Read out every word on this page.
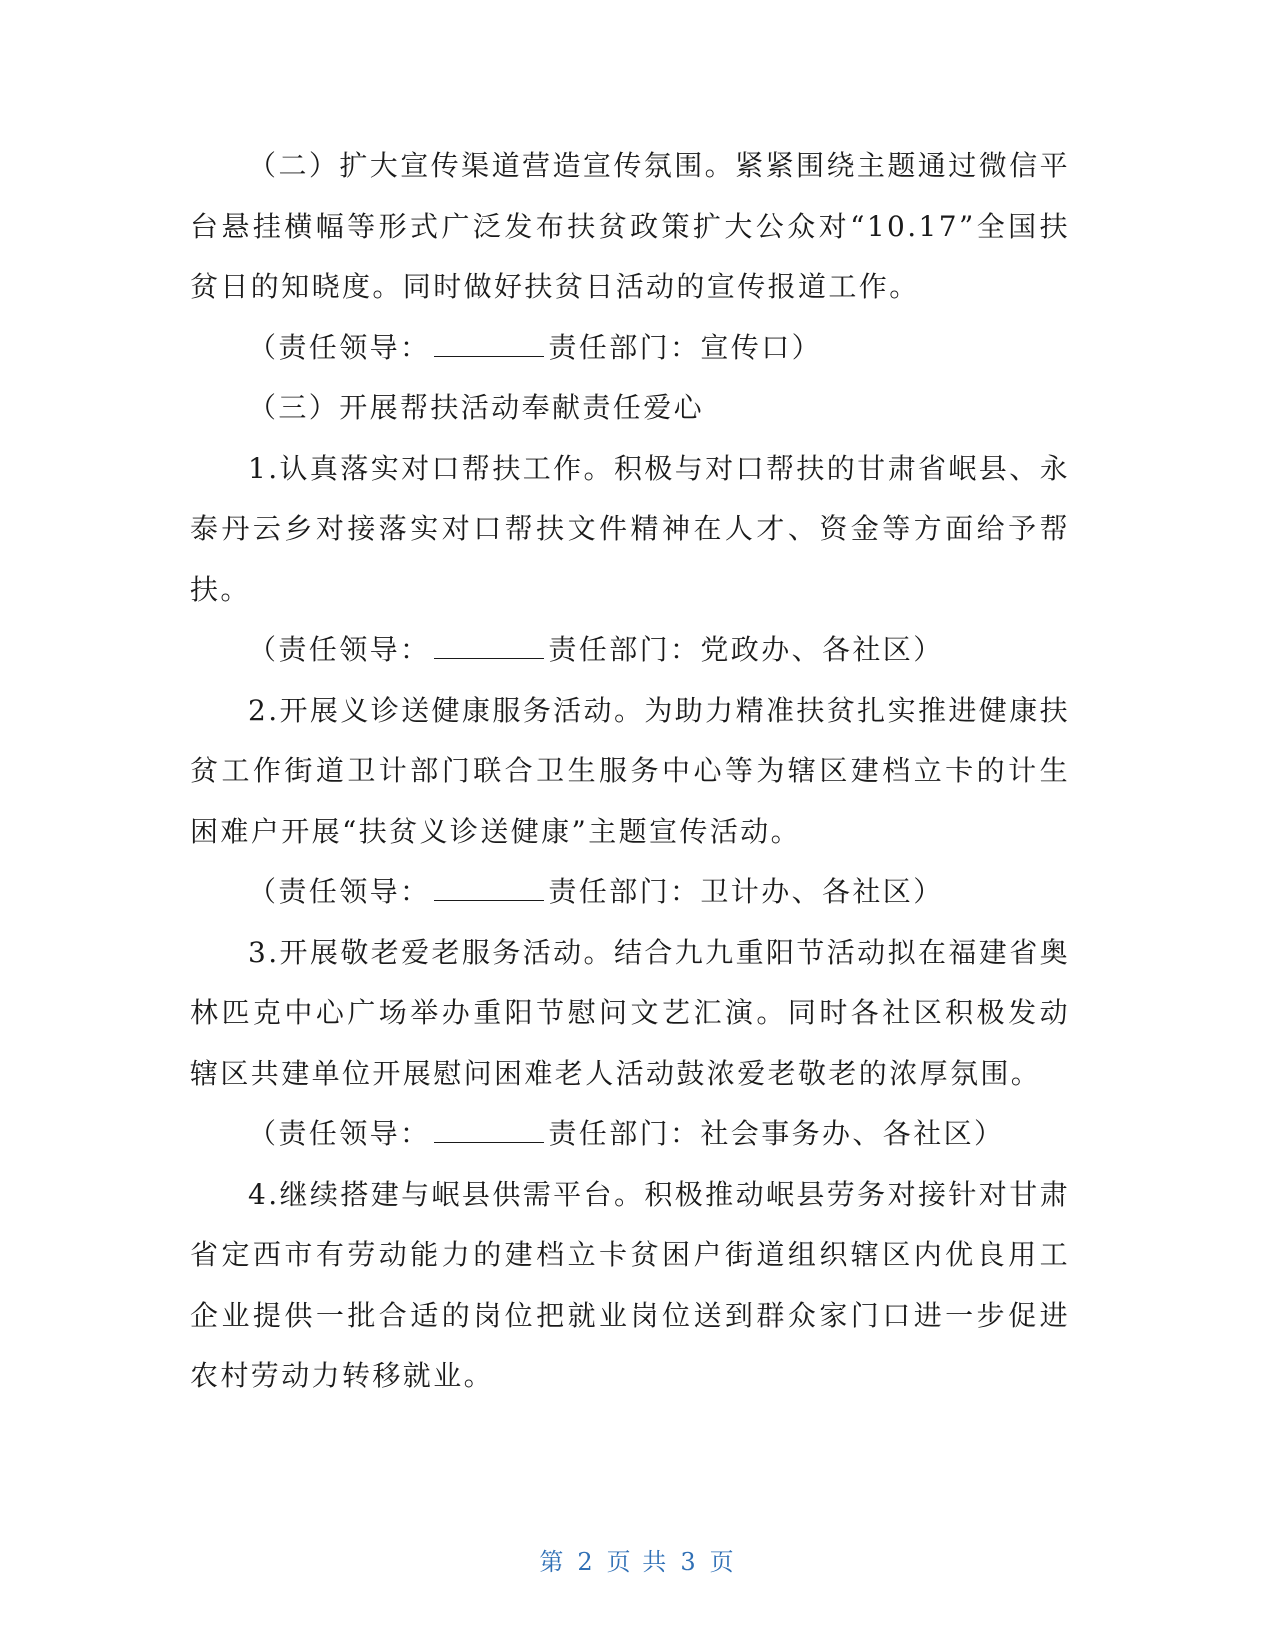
（二）扩大宣传渠道营造宣传氛围。紧紧围绕主题通过微信平台悬挂横幅等形式广泛发布扶贫政策扩大公众对“10.17”全国扶贫日的知晓度。同时做好扶贫日活动的宣传报道工作。

（责任领导：	责任部门：宣传口）

（三）开展帮扶活动奉献责任爱心

1.认真落实对口帮扶工作。积极与对口帮扶的甘肃省岷县、永泰丹云乡对接落实对口帮扶文件精神在人才、资金等方面给予帮扶。

（责任领导：	责任部门：党政办、各社区）

2.开展义诊送健康服务活动。为助力精准扶贫扎实推进健康扶贫工作街道卫计部门联合卫生服务中心等为辖区建档立卡的计生困难户开展“扶贫义诊送健康”主题宣传活动。

（责任领导：	责任部门：卫计办、各社区）

3.开展敬老爱老服务活动。结合九九重阳节活动拟在福建省奥林匹克中心广场举办重阳节慰问文艺汇演。同时各社区积极发动辖区共建单位开展慰问困难老人活动鼓浓爱老敬老的浓厚氛围。

（责任领导：	责任部门：社会事务办、各社区）

4.继续搭建与岷县供需平台。积极推动岷县劳务对接针对甘肃省定西市有劳动能力的建档立卡贫困户街道组织辖区内优良用工企业提供一批合适的岗位把就业岗位送到群众家门口进一步促进农村劳动力转移就业。

第 2 页 共 3 页
